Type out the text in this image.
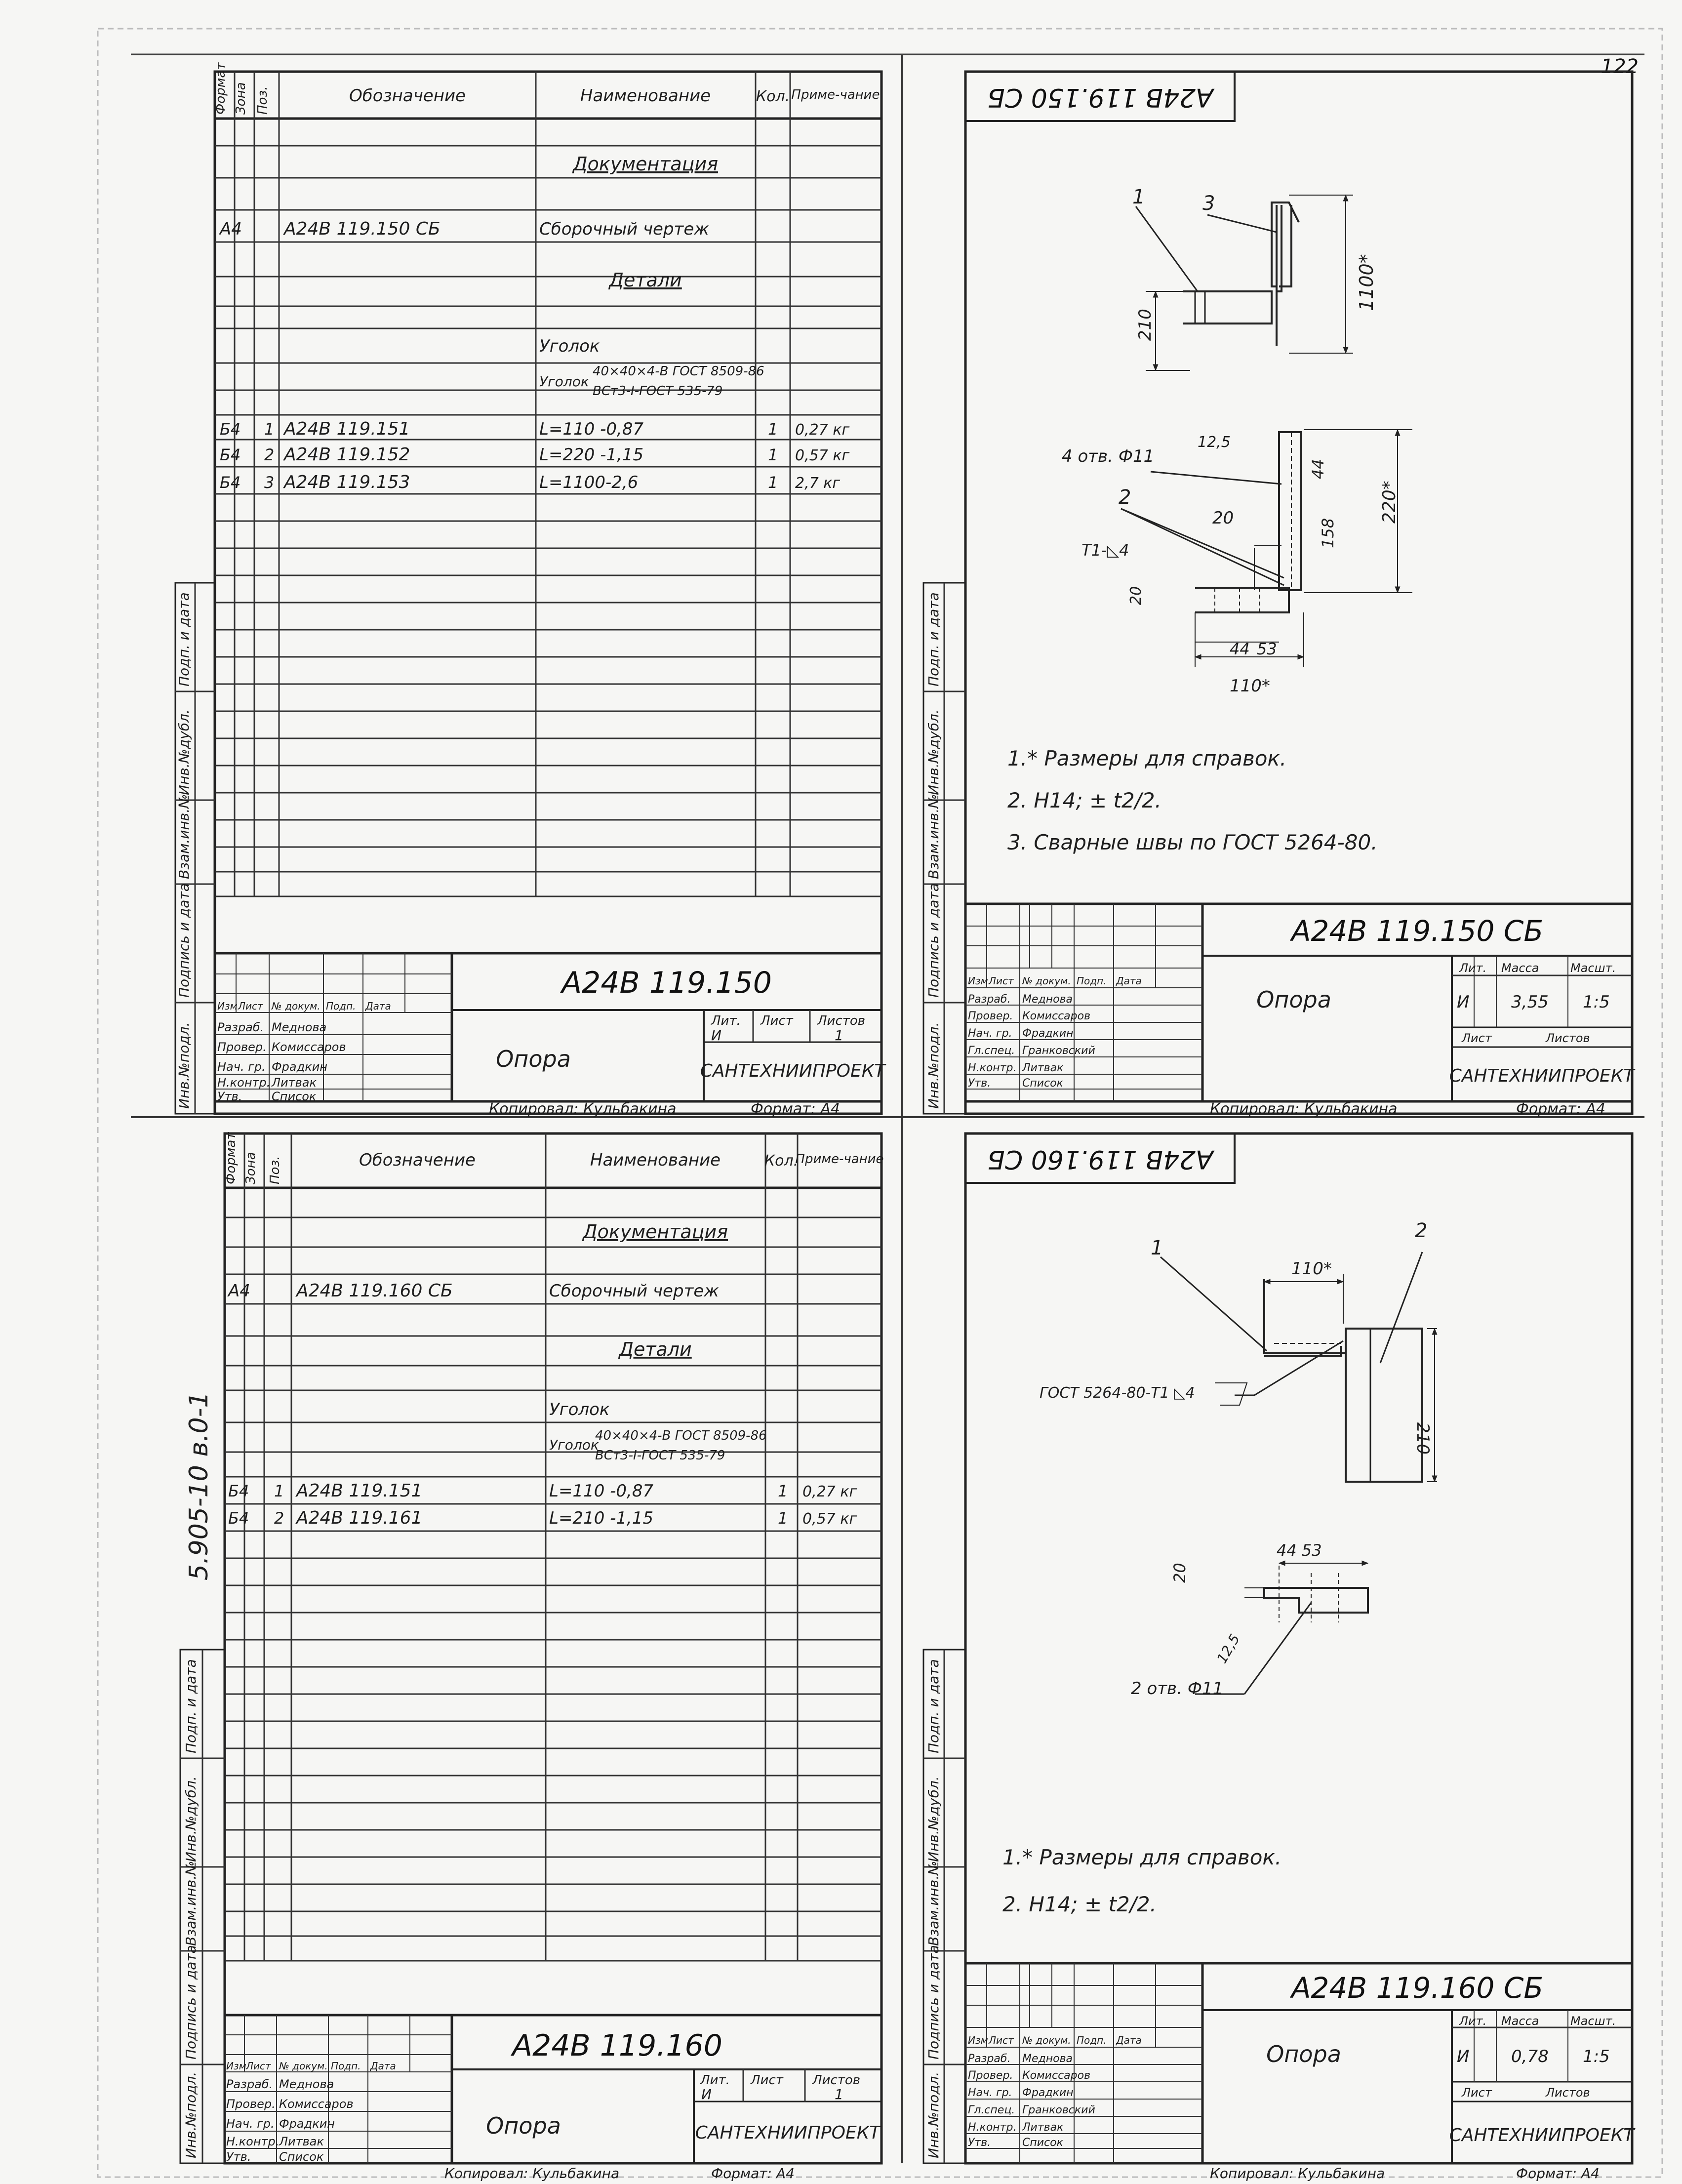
122
5.905-10 в.0-1
Формат Зона Поз.	Обозначение	Наименование	Кол. Приме-чание
Документация
А4 А24В 119.150 СБ	Сборочный чертеж
Детали
Уголок
Уголок
40×40×4-В ГОСТ 8509-86
ВСт3-I-ГОСТ 535-79
Б4 1 А24В 119.151	L=110 -0,87	1 0,27 кг
Б4 2 А24В 119.152	L=220 -1,15	1 0,57 кг
Б4 3 А24В 119.153	L=1100-2,6	1 2,7 кг
Инв.№подл.
Подпись и дата
Взам.инв.№
Инв.№дубл.
Подп. и дата
Изм Лист № докум. Подп. Дата
Разраб. Меднова
Провер. Комиссаров
Нач. гр. Фрадкин
Н.контр. Литвак
Утв. Список
А24В 119.150
Опора
Лит. Лист Листов
И	1
САНТЕХНИИПРОЕКТ
Копировал: Кульбакина	Формат: А4
А24В 119.150 СБ
1	3
210
1100*
4 отв. Ф11
12,5
2
Т1-◺4
20
44
158
220*
20
44 53
110*
1.* Размеры для справок.
2. Н14; ± t2/2.
3. Сварные швы по ГОСТ 5264-80.
Инв.№подл.
Подпись и дата
Взам.инв.№
Инв.№дубл.
Подп. и дата
Изм Лист № докум. Подп. Дата
Разраб. Меднова
Провер. Комиссаров
Нач. гр. Фрадкин
Гл.спец. Гранковский
Н.контр. Литвак
Утв.	Список
А24В 119.150 СБ
Опора
Лит. Масса	Масшт.
И 3,55 1:5
Лист	Листов
САНТЕХНИИПРОЕКТ
Копировал: Кульбакина	Формат: А4
Формат Зона Поз.	Обозначение	Наименование	Кол.
Приме-чание
Документация
А4	А24В 119.160 СБ	Сборочный чертеж
Детали
Уголок
Уголок
40×40×4-В ГОСТ 8509-86
ВСт3-I-ГОСТ 535-79
Б4 1 А24В 119.151	L=110 -0,87	1 0,27 кг
Б4 2 А24В 119.161	L=210 -1,15	1 0,57 кг
Инв.№подл.
Подпись и дата
Взам.инв.№
Инв.№дубл.
Подп. и дата
Изм Лист № докум. Подп. Дата
Разраб. Меднова
Провер. Комиссаров
Нач. гр. Фрадкин
Н.контр. Литвак
Утв. Список
А24В 119.160
Опора
Лит. Лист Листов
И	1
САНТЕХНИИПРОЕКТ
Копировал: Кульбакина	Формат: А4
А24В 119.160 СБ
1
2
110*
210
ГОСТ 5264-80-Т1 ◺4
20
44 53
2 отв. Ф11
12,5
1.* Размеры для справок.
2. Н14; ± t2/2.
Инв.№подл.
Подпись и дата
Взам.инв.№
Инв.№дубл.
Подп. и дата
Изм Лист № докум. Подп. Дата
Разраб. Меднова
Провер. Комиссаров
Нач. гр. Фрадкин
Гл.спец. Гранковский
Н.контр. Литвак
Утв.	Список
А24В 119.160 СБ
Опора
Лит. Масса	Масшт.
И 0,78 1:5
Лист	Листов
САНТЕХНИИПРОЕКТ
Копировал: Кульбакина	Формат: А4
